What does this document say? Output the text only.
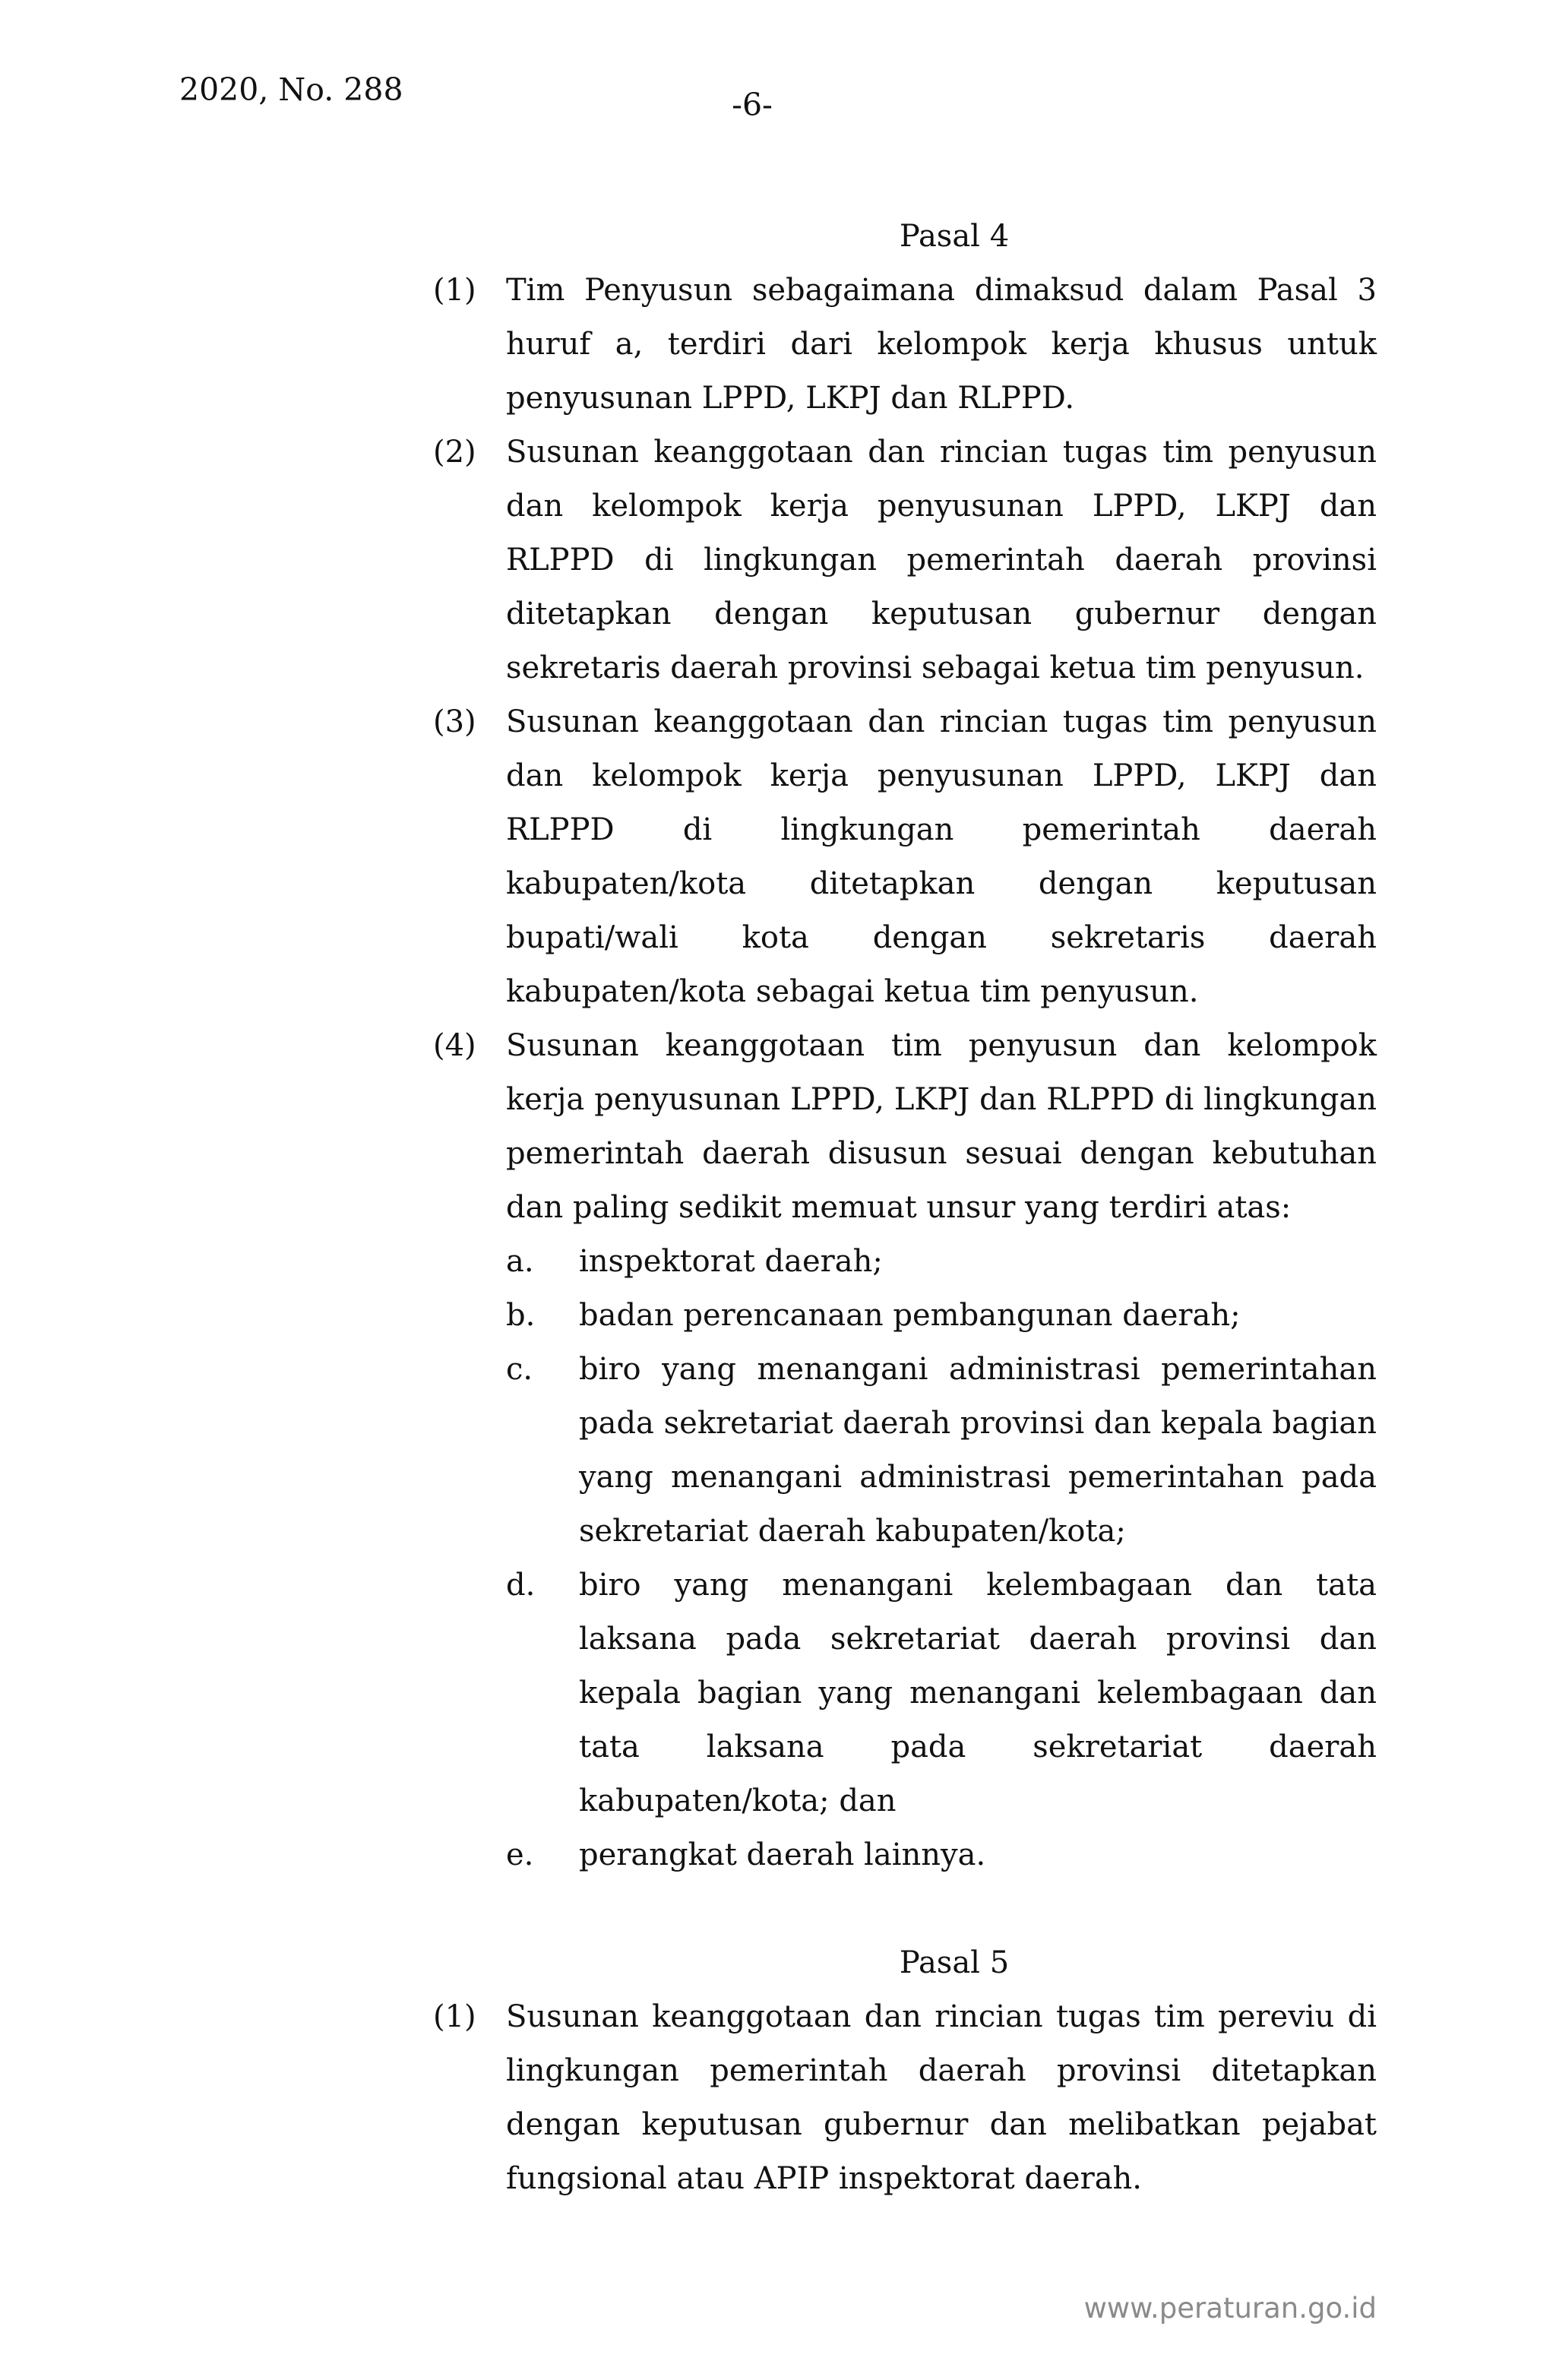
2020, No. 288	-6-
Pasal 4
(1) Tim Penyusun sebagaimana dimaksud dalam Pasal 3 huruf a, terdiri dari kelompok kerja khusus untuk penyusunan LPPD, LKPJ dan RLPPD.
(2) Susunan keanggotaan dan rincian tugas tim penyusun dan kelompok kerja penyusunan LPPD, LKPJ dan RLPPD di lingkungan pemerintah daerah provinsi ditetapkan dengan keputusan gubernur dengan sekretaris daerah provinsi sebagai ketua tim penyusun.
(3) Susunan keanggotaan dan rincian tugas tim penyusun dan kelompok kerja penyusunan LPPD, LKPJ dan RLPPD di lingkungan pemerintah daerah kabupaten/kota ditetapkan dengan keputusan bupati/wali kota dengan sekretaris daerah kabupaten/kota sebagai ketua tim penyusun.
(4) Susunan keanggotaan tim penyusun dan kelompok kerja penyusunan LPPD, LKPJ dan RLPPD di lingkungan pemerintah daerah disusun sesuai dengan kebutuhan dan paling sedikit memuat unsur yang terdiri atas:
a.	inspektorat daerah;
b.	badan perencanaan pembangunan daerah;
c.	biro yang menangani administrasi pemerintahan pada sekretariat daerah provinsi dan kepala bagian yang menangani administrasi pemerintahan pada sekretariat daerah kabupaten/kota;
d.	biro yang menangani kelembagaan dan tata laksana pada sekretariat daerah provinsi dan kepala bagian yang menangani kelembagaan dan tata laksana pada sekretariat daerah kabupaten/kota; dan
e.	perangkat daerah lainnya.
Pasal 5
(1) Susunan keanggotaan dan rincian tugas tim pereviu di lingkungan pemerintah daerah provinsi ditetapkan dengan keputusan gubernur dan melibatkan pejabat fungsional atau APIP inspektorat daerah.
www.peraturan.go.id
